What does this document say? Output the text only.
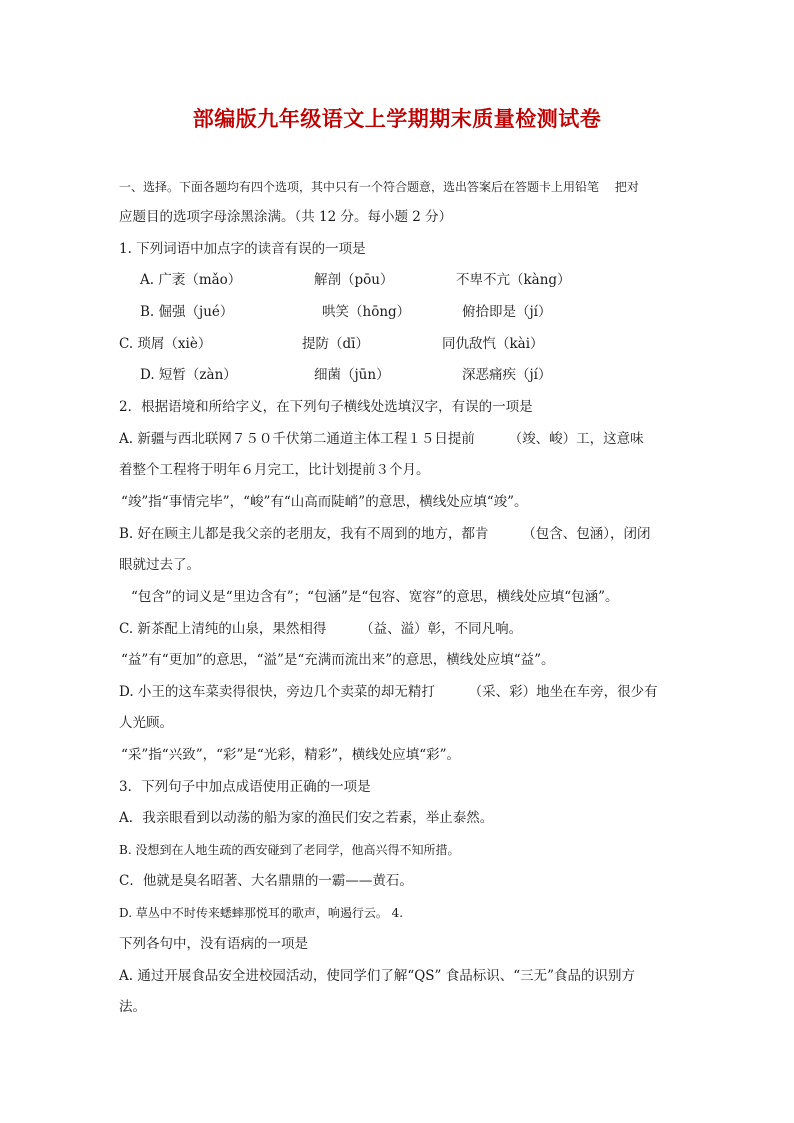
部编版九年级语文上学期期末质量检测试卷
一、选择。下面各题均有四个选项，其中只有一个符合题意，选出答案后在答题卡上用铅笔　 把对
应题目的选项字母涂黑涂满。（共 12 分。每小题 2 分）
1. 下列词语中加点字的读音有误的一项是
A. 广袤（mǎo）	解剖（pōu）	不卑不亢（kàng）
B. 倔强（jué）	哄笑（hōng）	俯拾即是（jí）
C. 琐屑（xiè）	提防（dī）	同仇敌忾（kài）
D. 短暂（zàn）	细菌（jūn）	深恶痛疾（jí）
2．根据语境和所给字义，在下列句子横线处选填汉字，有误的一项是
A. 新疆与西北联网７５０千伏第二通道主体工程１５日提前　　　（竣、峻）工，这意味
着整个工程将于明年６月完工，比计划提前３个月。
“竣”指“事情完毕”，“峻”有“山高而陡峭”的意思，横线处应填“竣”。
B. 好在顾主儿都是我父亲的老朋友，我有不周到的地方，都肯　　　（包含、包涵），闭闭
眼就过去了。
“包含”的词义是“里边含有”；“包涵”是“包容、宽容”的意思，横线处应填“包涵”。
C. 新茶配上清纯的山泉，果然相得　　　（益、溢）彰，不同凡响。
“益”有“更加”的意思，“溢”是“充满而流出来”的意思，横线处应填“益”。
D. 小王的这车菜卖得很快，旁边几个卖菜的却无精打　　　（采、彩）地坐在车旁，很少有
人光顾。
“采”指“兴致”，“彩”是“光彩，精彩”，横线处应填“彩”。
3．下列句子中加点成语使用正确的一项是
A．我亲眼看到以动荡的船为家的渔民们安之若素，举止泰然。
B. 没想到在人地生疏的西安碰到了老同学，他高兴得不知所措。
C．他就是臭名昭著、大名鼎鼎的一霸——黄石。
D. 草丛中不时传来蟋蟀那悦耳的歌声，响遏行云。 4.
下列各句中，没有语病的一项是
A. 通过开展食品安全进校园活动，使同学们了解“QS” 食品标识、“三无”食品的识别方
法。
